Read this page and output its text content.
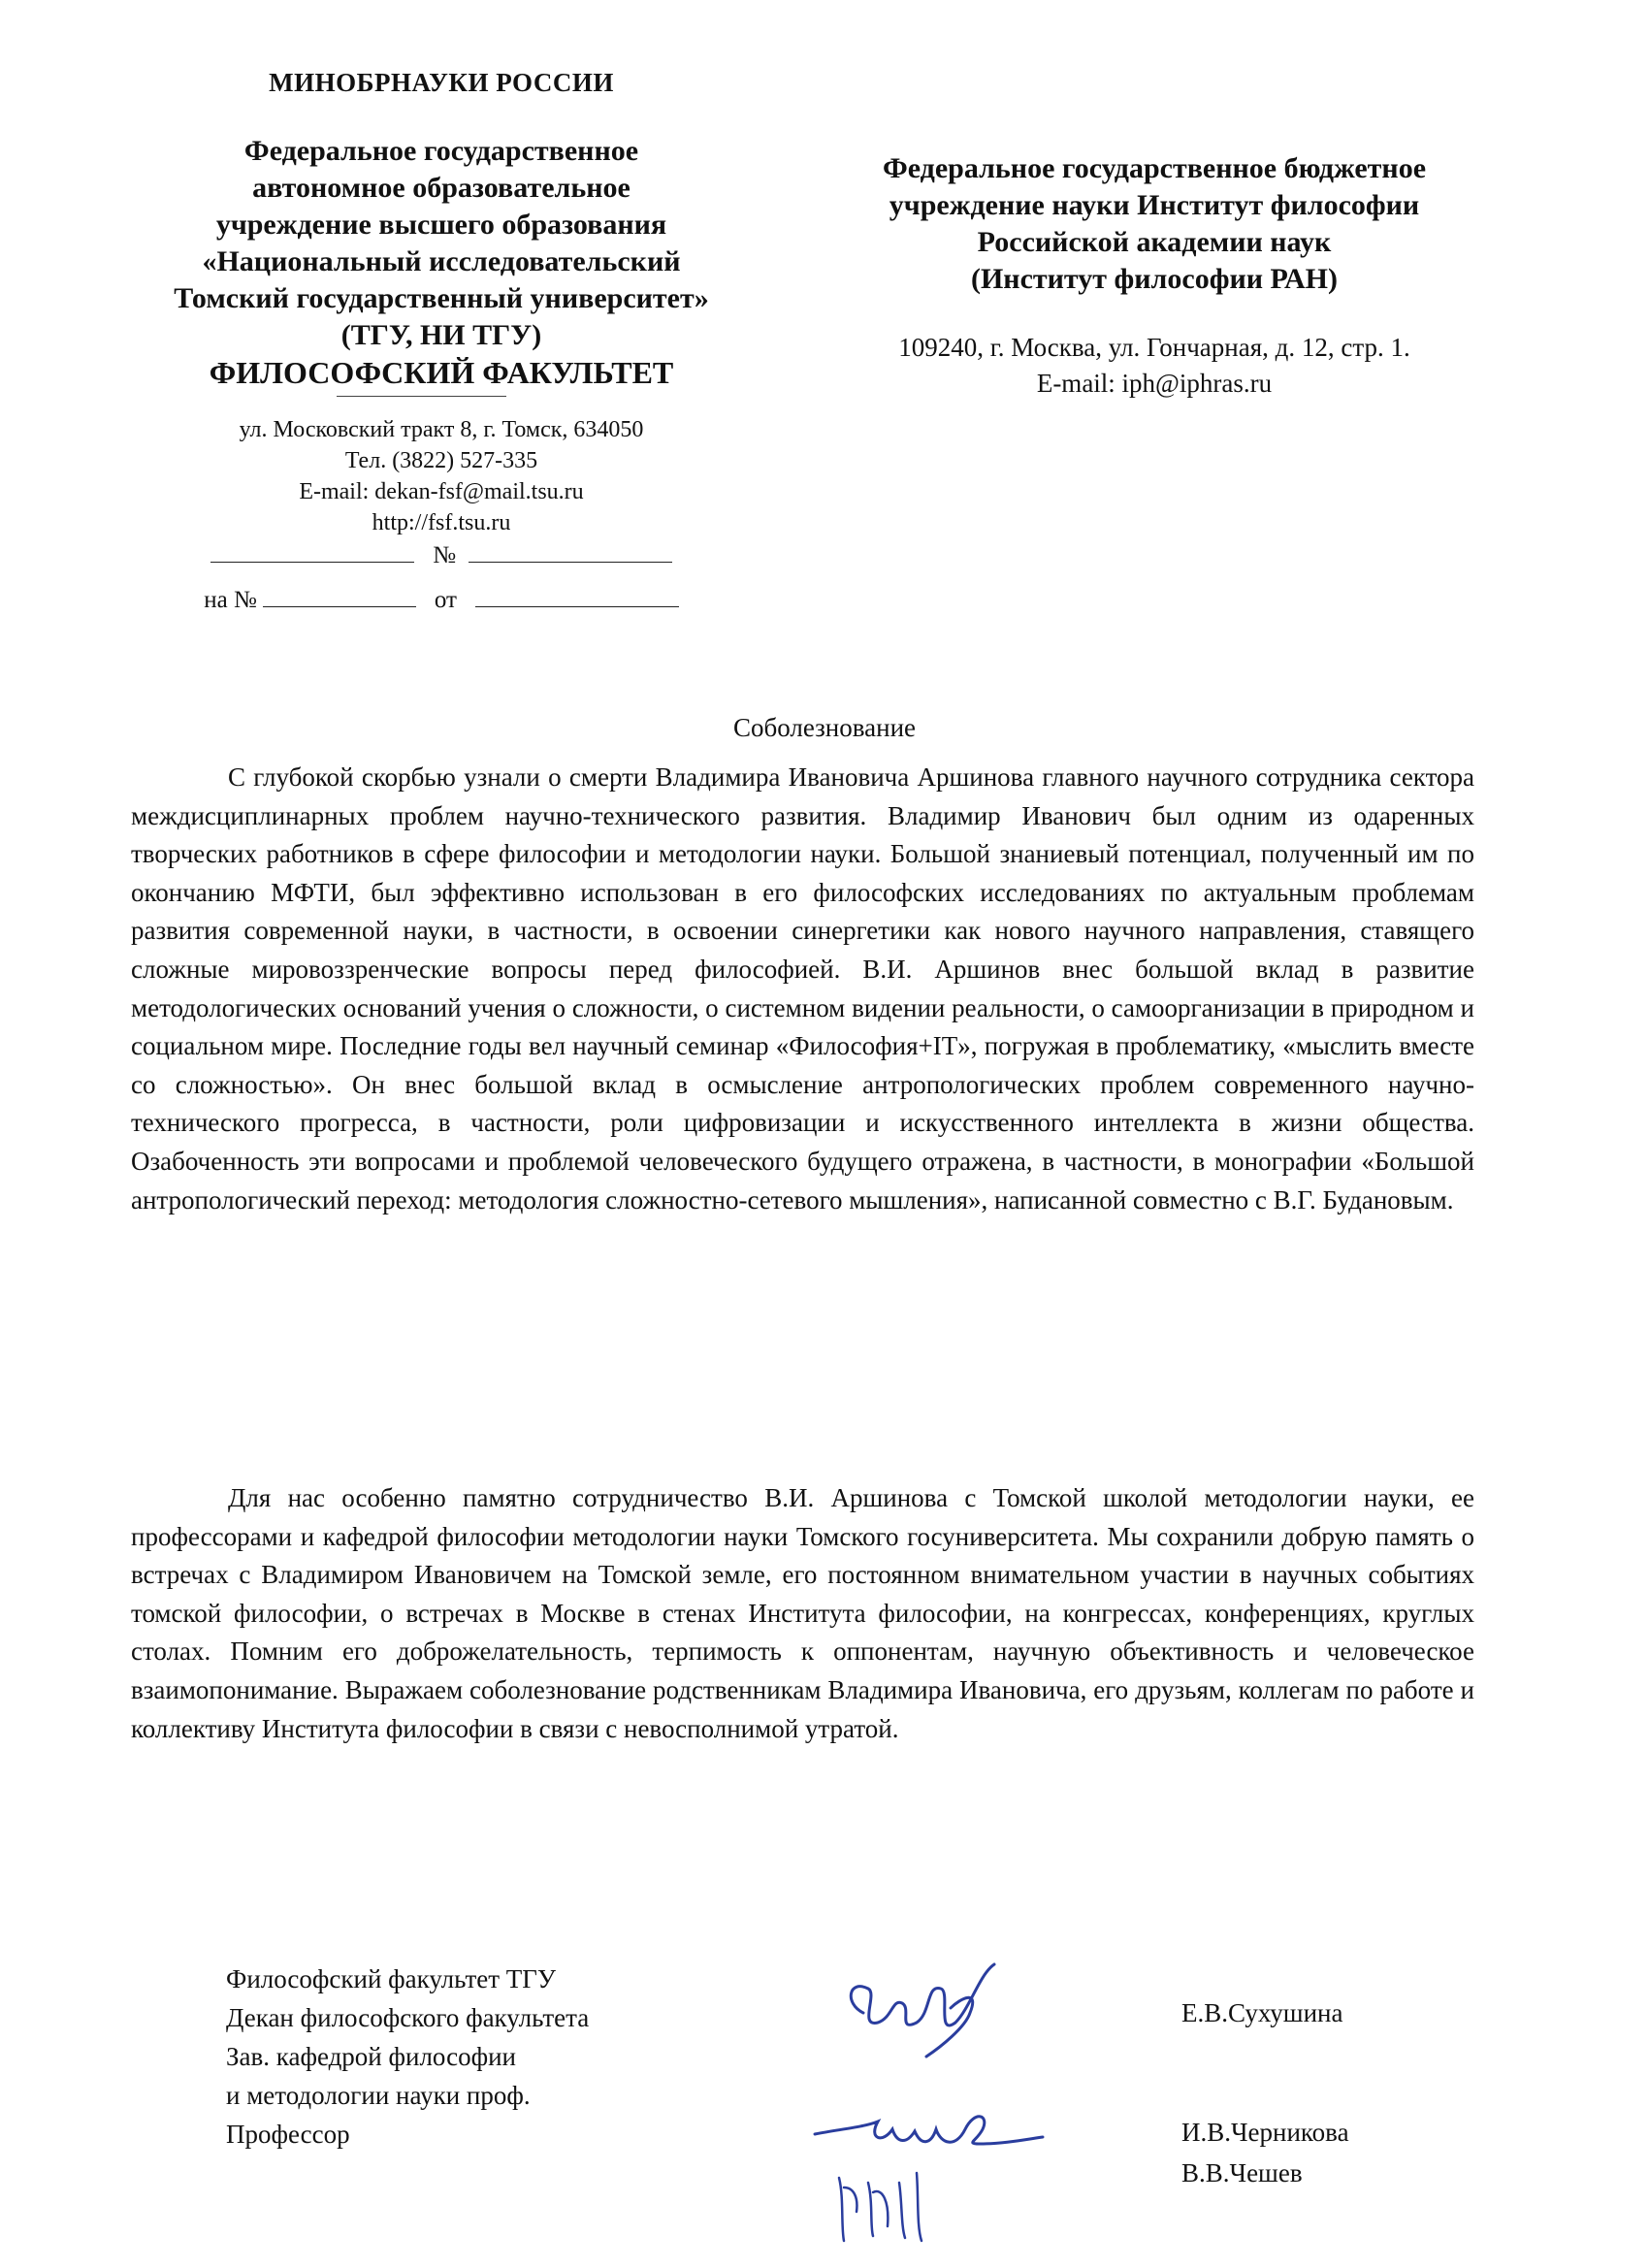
МИНОБРНАУКИ РОССИИ
Федеральное государственное
автономное образовательное
учреждение высшего образования
«Национальный исследовательский
Томский государственный университет»
(ТГУ, НИ ТГУ)
ФИЛОСОФСКИЙ ФАКУЛЬТЕТ
ул. Московский тракт 8, г. Томск, 634050
Тел. (3822) 527-335
E-mail: dekan-fsf@mail.tsu.ru
http://fsf.tsu.ru
№
на №	от
Федеральное государственное бюджетное
учреждение науки Институт философии
Российской академии наук
(Институт философии РАН)
109240, г. Москва, ул. Гончарная, д. 12, стр. 1.
E-mail: iph@iphras.ru
Соболезнование

С глубокой скорбью узнали о смерти Владимира Ивановича Аршинова главного научного сотрудника сектора междисциплинарных проблем научно-технического развития. Владимир Иванович был одним из одаренных творческих работников в сфере философии и методологии науки. Большой знаниевый потенциал, полученный им по окончанию МФТИ, был эффективно использован в его философских исследованиях по актуальным проблемам развития современной науки, в частности, в освоении синергетики как нового научного направления, ставящего сложные мировоззренческие вопросы перед философией. В.И. Аршинов внес большой вклад в развитие методологических оснований учения о сложности, о системном видении реальности, о самоорганизации в природном и социальном мире. Последние годы вел научный семинар «Философия+IT», погружая в проблематику, «мыслить вместе со сложностью». Он внес большой вклад в осмысление антропологических проблем современного научно-технического прогресса, в частности, роли цифровизации и искусственного интеллекта в жизни общества. Озабоченность эти вопросами и проблемой человеческого будущего отражена, в частности, в монографии «Большой антропологический переход: методология сложностно-сетевого мышления», написанной совместно с В.Г. Будановым.

Для нас особенно памятно сотрудничество В.И. Аршинова с Томской школой методологии науки, ее профессорами и кафедрой философии методологии науки Томского госуниверситета. Мы сохранили добрую память о встречах с Владимиром Ивановичем на Томской земле, его постоянном внимательном участии в научных событиях томской философии, о встречах в Москве в стенах Института философии, на конгрессах, конференциях, круглых столах. Помним его доброжелательность, терпимость к оппонентам, научную объективность и человеческое взаимопонимание. Выражаем соболезнование родственникам Владимира Ивановича, его друзьям, коллегам по работе и коллективу Института философии в связи с невосполнимой утратой.

Философский факультет ТГУ
Декан философского факультета
Зав. кафедрой философии
и методологии науки проф.
Профессор
Е.В.Сухушина
И.В.Черникова
В.В.Чешев
